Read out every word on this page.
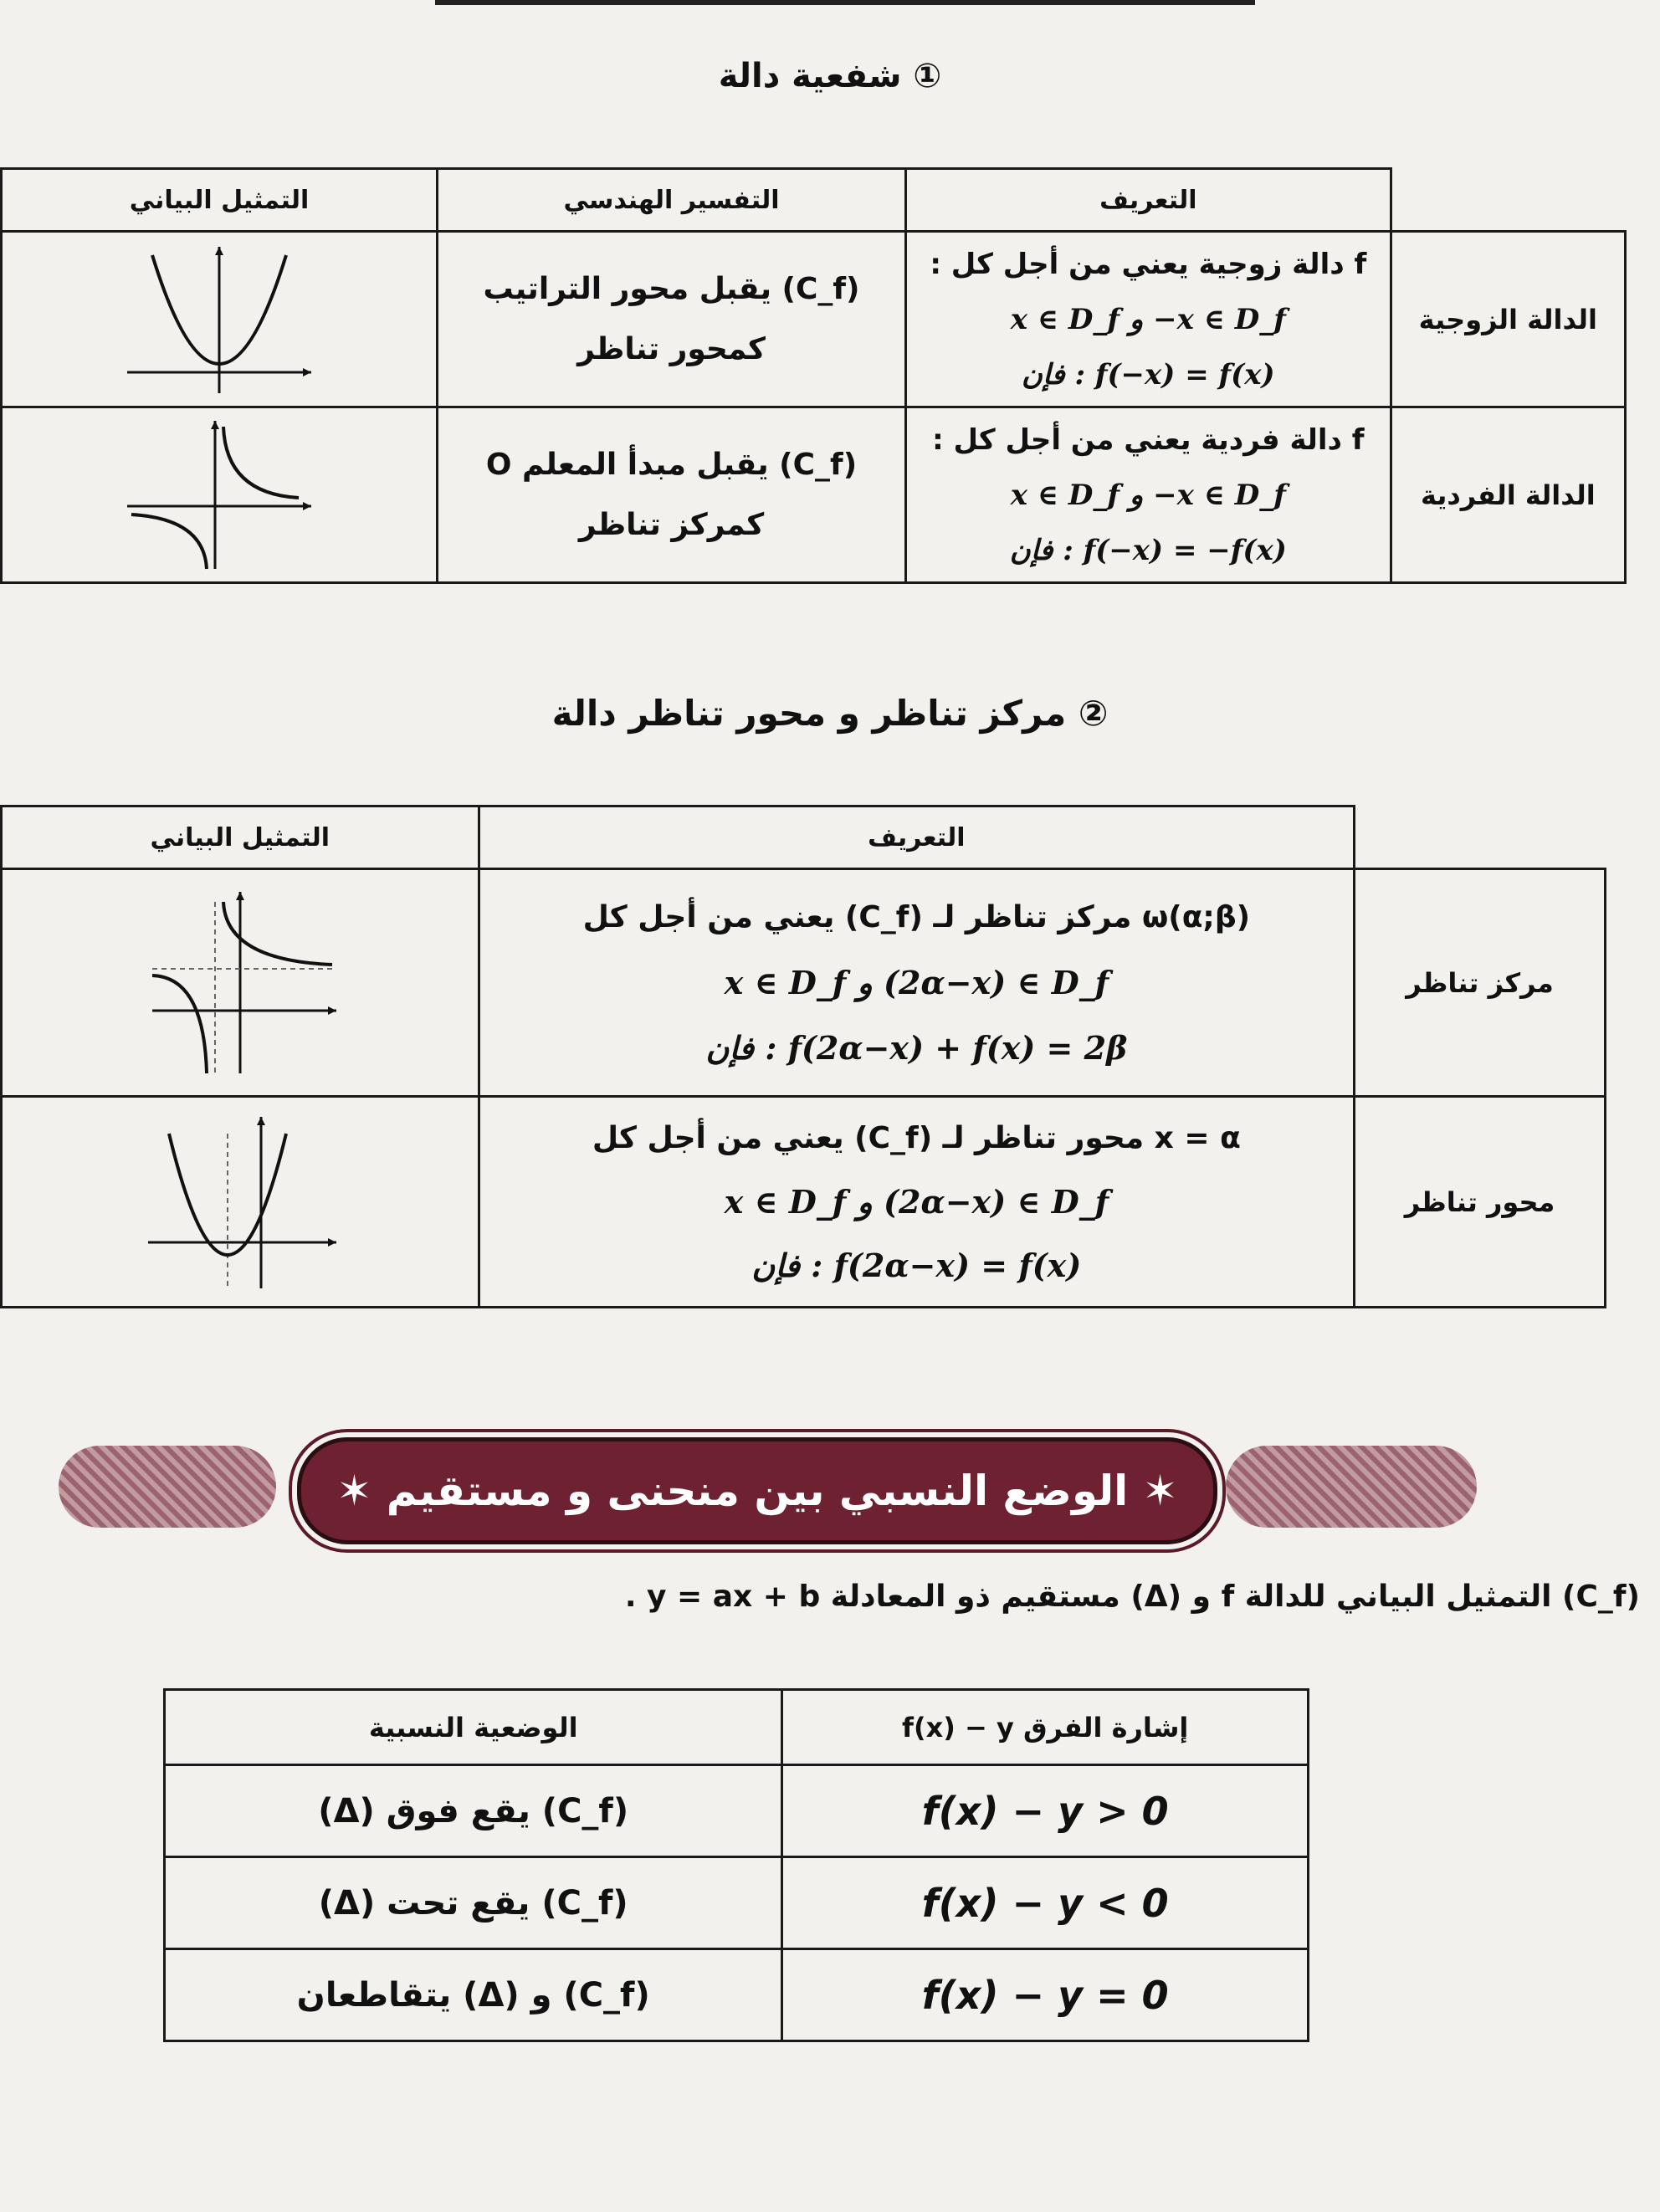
① شفعية دالة
	التعريف	التفسير الهندسي	التمثيل البياني
الدالة الزوجية	f دالة زوجية يعني من أجل كل :
x ∈ D_f و −x ∈ D_f
فإن : f(−x) = f(x)	(C_f) يقبل محور التراتيب
كمحور تناظر

الدالة الفردية	f دالة فردية يعني من أجل كل :
x ∈ D_f و −x ∈ D_f
فإن : f(−x) = −f(x)	(C_f) يقبل مبدأ المعلم O
كمركز تناظر

② مركز تناظر و محور تناظر دالة
	التعريف	التمثيل البياني
مركز تناظر	ω(α;β) مركز تناظر لـ (C_f) يعني من أجل كل
x ∈ D_f و (2α−x) ∈ D_f
فإن : f(2α−x) + f(x) = 2β

محور تناظر	x = α محور تناظر لـ (C_f) يعني من أجل كل
x ∈ D_f و (2α−x) ∈ D_f
فإن : f(2α−x) = f(x)

✶ الوضع النسبي بين منحنى و مستقيم ✶
(C_f) التمثيل البياني للدالة f و (Δ) مستقيم ذو المعادلة y = ax + b .
إشارة الفرق f(x) − y	الوضعية النسبية
f(x) − y > 0	(C_f) يقع فوق (Δ)
f(x) − y < 0	(C_f) يقع تحت (Δ)
f(x) − y = 0	(C_f) و (Δ) يتقاطعان
